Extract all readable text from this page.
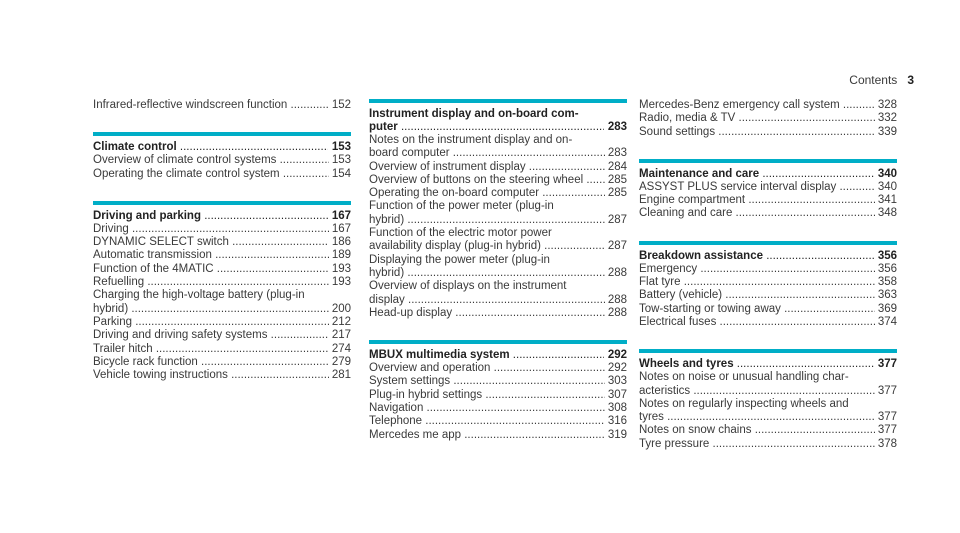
Contents 3
Infrared-reflective windscreen function .....	152
Climate control .....	153
Overview of climate control systems .....	153
Operating the climate control system .....	154
Driving and parking .....	167
Driving .....	167
DYNAMIC SELECT switch .....	186
Automatic transmission .....	189
Function of the 4MATIC .....	193
Refuelling .....	193
Charging the high-voltage battery (plug-in
hybrid) .....	200
Parking .....	212
Driving and driving safety systems .....	217
Trailer hitch .....	274
Bicycle rack function .....	279
Vehicle towing instructions .....	281
Instrument display and on-board com-
puter .....	283
Notes on the instrument display and on-
board computer .....	283
Overview of instrument display .....	284
Overview of buttons on the steering wheel .....	285
Operating the on-board computer .....	285
Function of the power meter (plug-in
hybrid) .....	287
Function of the electric motor power
availability display (plug-in hybrid) .....	287
Displaying the power meter (plug-in
hybrid) .....	288
Overview of displays on the instrument
display .....	288
Head-up display .....	288
MBUX multimedia system .....	292
Overview and operation .....	292
System settings .....	303
Plug-in hybrid settings .....	307
Navigation .....	308
Telephone .....	316
Mercedes me app .....	319
Mercedes-Benz emergency call system .....	328
Radio, media & TV .....	332
Sound settings .....	339
Maintenance and care .....	340
ASSYST PLUS service interval display .....	340
Engine compartment .....	341
Cleaning and care .....	348
Breakdown assistance .....	356
Emergency .....	356
Flat tyre .....	358
Battery (vehicle) .....	363
Tow-starting or towing away .....	369
Electrical fuses .....	374
Wheels and tyres .....	377
Notes on noise or unusual handling char-
acteristics .....	377
Notes on regularly inspecting wheels and
tyres .....	377
Notes on snow chains .....	377
Tyre pressure .....	378
